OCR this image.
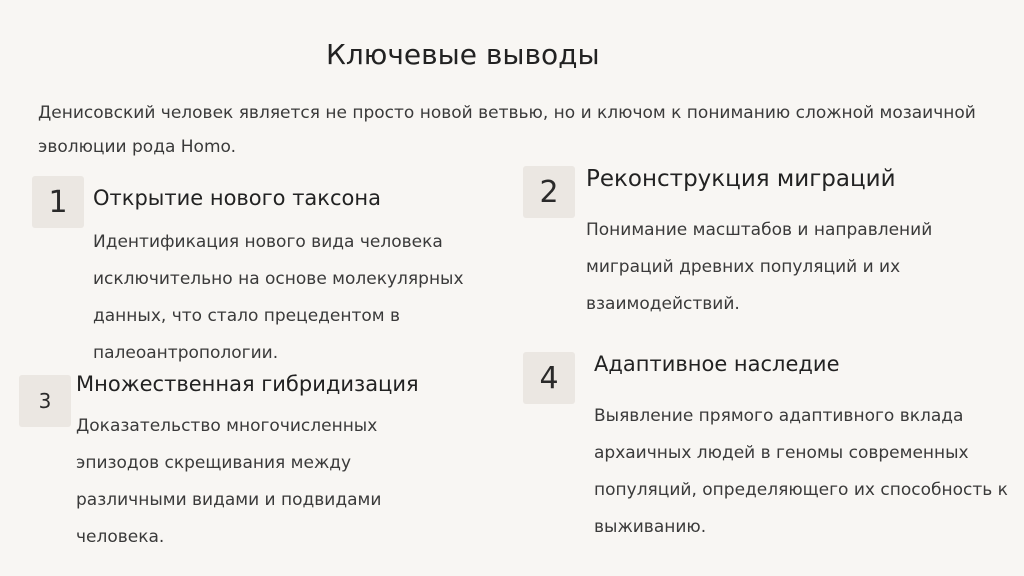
Ключевые выводы
Денисовский человек является не просто новой ветвью, но и ключом к пониманию сложной мозаичной эволюции рода Homo.
1	Открытие нового таксона
Идентификация нового вида человека исключительно на основе молекулярных данных, что стало прецедентом в палеоантропологии.
2	Реконструкция миграций
Понимание масштабов и направлений миграций древних популяций и их взаимодействий.
3
Множественная гибридизация
Доказательство многочисленных эпизодов скрещивания между различными видами и подвидами человека.
4	Адаптивное наследие
Выявление прямого адаптивного вклада архаичных людей в геномы современных популяций, определяющего их способность к выживанию.
